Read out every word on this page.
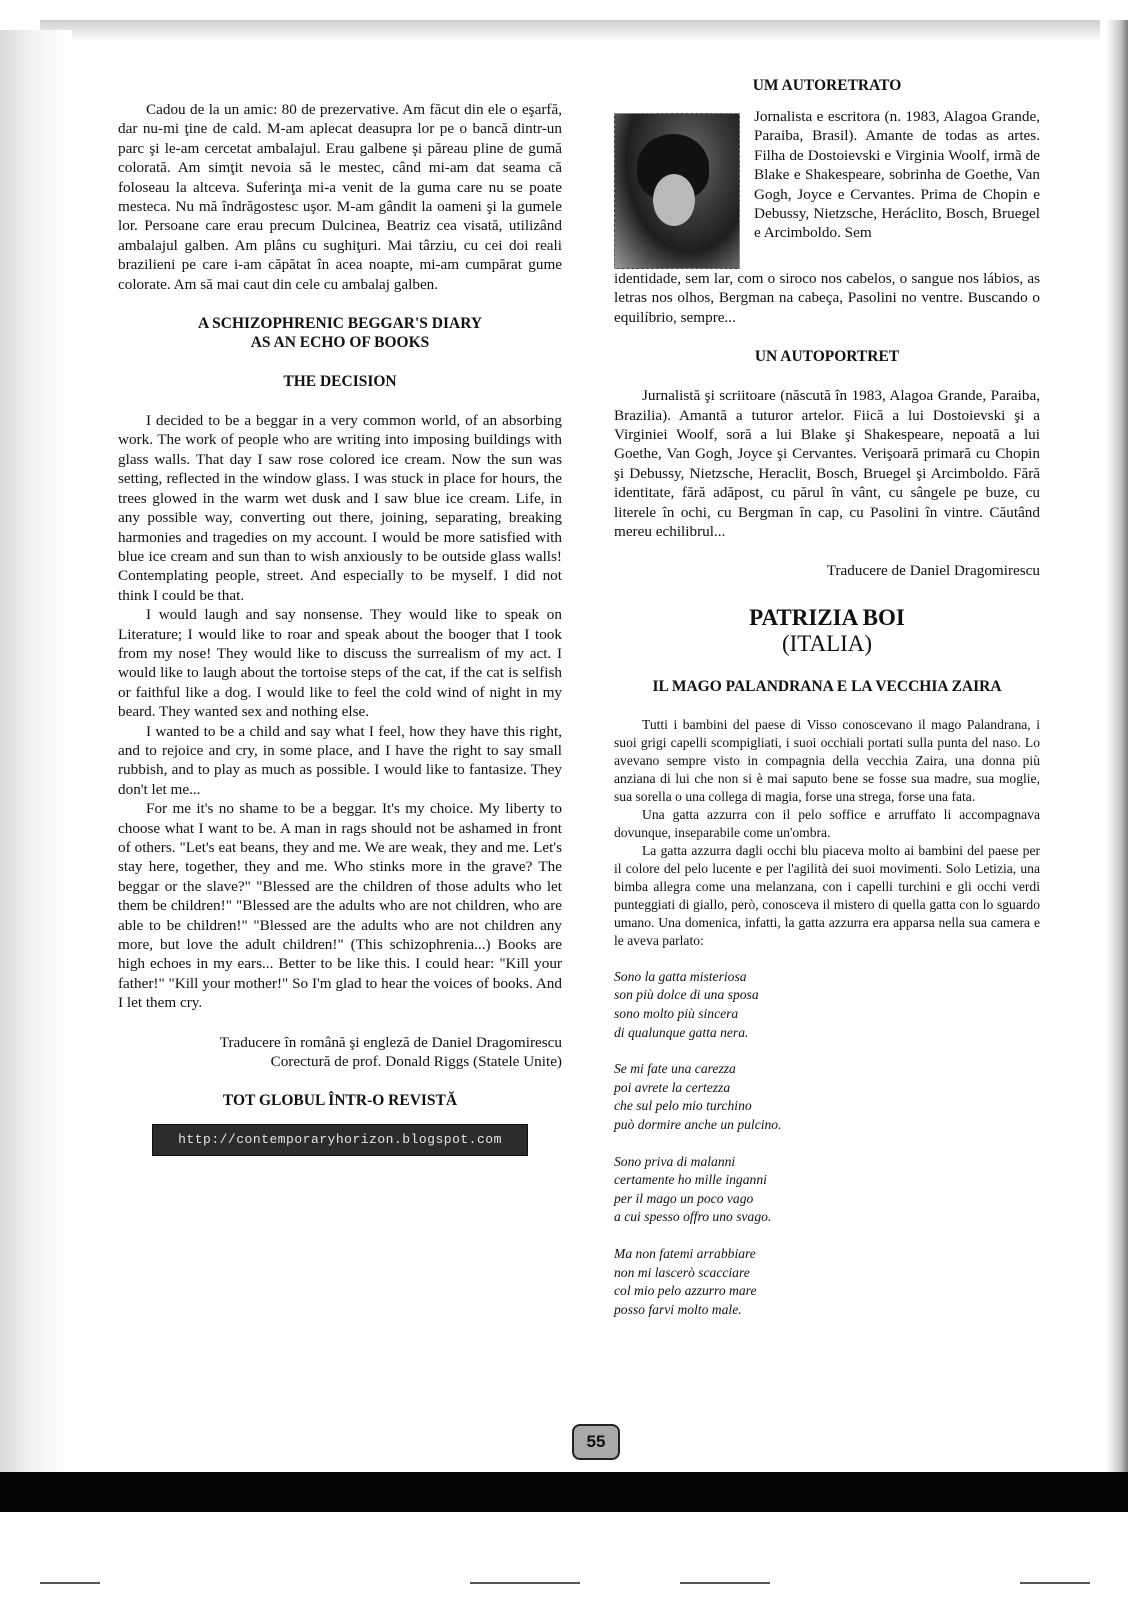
Cadou de la un amic: 80 de prezervative. Am făcut din ele o eşarfă, dar nu-mi ţine de cald. M-am aplecat deasupra lor pe o bancă dintr-un parc şi le-am cercetat ambalajul. Erau galbene şi păreau pline de gumă colorată. Am simţit nevoia să le mestec, când mi-am dat seama că foloseau la altceva. Suferinţa mi-a venit de la guma care nu se poate mesteca. Nu mă îndrăgostesc uşor. M-am gândit la oameni şi la gumele lor. Persoane care erau precum Dulcinea, Beatriz cea visată, utilizând ambalajul galben. Am plâns cu sughiţuri. Mai târziu, cu cei doi reali brazilieni pe care i-am căpătat în acea noapte, mi-am cumpărat gume colorate. Am să mai caut din cele cu ambalaj galben.

A SCHIZOPHRENIC BEGGAR'S DIARY
AS AN ECHO OF BOOKS
THE DECISION

I decided to be a beggar in a very common world, of an absorbing work. The work of people who are writing into imposing buildings with glass walls. That day I saw rose colored ice cream. Now the sun was setting, reflected in the window glass. I was stuck in place for hours, the trees glowed in the warm wet dusk and I saw blue ice cream. Life, in any possible way, converting out there, joining, separating, breaking harmonies and tragedies on my account. I would be more satisfied with blue ice cream and sun than to wish anxiously to be outside glass walls! Contemplating people, street. And especially to be myself. I did not think I could be that.

I would laugh and say nonsense. They would like to speak on Literature; I would like to roar and speak about the booger that I took from my nose! They would like to discuss the surrealism of my act. I would like to laugh about the tortoise steps of the cat, if the cat is selfish or faithful like a dog. I would like to feel the cold wind of night in my beard. They wanted sex and nothing else.

I wanted to be a child and say what I feel, how they have this right, and to rejoice and cry, in some place, and I have the right to say small rubbish, and to play as much as possible. I would like to fantasize. They don't let me...

For me it's no shame to be a beggar. It's my choice. My liberty to choose what I want to be. A man in rags should not be ashamed in front of others. "Let's eat beans, they and me. We are weak, they and me. Let's stay here, together, they and me. Who stinks more in the grave? The beggar or the slave?" "Blessed are the children of those adults who let them be children!" "Blessed are the adults who are not children, who are able to be children!" "Blessed are the adults who are not children any more, but love the adult children!" (This schizophrenia...) Books are high echoes in my ears... Better to be like this. I could hear: "Kill your father!" "Kill your mother!" So I'm glad to hear the voices of books. And I let them cry.

Traducere în română şi engleză de Daniel Dragomirescu
Corectură de prof. Donald Riggs (Statele Unite)
TOT GLOBUL ÎNTR-O REVISTĂ
http://contemporaryhorizon.blogspot.com
UM AUTORETRATO

Jornalista e escritora (n. 1983, Alagoa Grande, Paraiba, Brasil). Amante de todas as artes. Filha de Dostoievski e Virginia Woolf, irmã de Blake e Shakespeare, sobrinha de Goethe, Van Gogh, Joyce e Cervantes. Prima de Chopin e Debussy, Nietzsche, Heráclito, Bosch, Bruegel e Arcimboldo. Sem

identidade, sem lar, com o siroco nos cabelos, o sangue nos lábios, as letras nos olhos, Bergman na cabeça, Pasolini no ventre. Buscando o equilíbrio, sempre...

UN AUTOPORTRET

Jurnalistă şi scriitoare (născută în 1983, Alagoa Grande, Paraiba, Brazilia). Amantă a tuturor artelor. Fiică a lui Dostoievski şi a Virginiei Woolf, soră a lui Blake şi Shakespeare, nepoată a lui Goethe, Van Gogh, Joyce şi Cervantes. Verişoară primară cu Chopin şi Debussy, Nietzsche, Heraclit, Bosch, Bruegel şi Arcimboldo. Fără identitate, fără adăpost, cu părul în vânt, cu sângele pe buze, cu literele în ochi, cu Bergman în cap, cu Pasolini în vintre. Căutând mereu echilibrul...

Traducere de Daniel Dragomirescu
PATRIZIA BOI
(ITALIA)
IL MAGO PALANDRANA E LA VECCHIA ZAIRA

Tutti i bambini del paese di Visso conoscevano il mago Palandrana, i suoi grigi capelli scompigliati, i suoi occhiali portati sulla punta del naso. Lo avevano sempre visto in compagnia della vecchia Zaira, una donna più anziana di lui che non si è mai saputo bene se fosse sua madre, sua moglie, sua sorella o una collega di magia, forse una strega, forse una fata.

Una gatta azzurra con il pelo soffice e arruffato li accompagnava dovunque, inseparabile come un'ombra.

La gatta azzurra dagli occhi blu piaceva molto ai bambini del paese per il colore del pelo lucente e per l'agilità dei suoi movimenti. Solo Letizia, una bimba allegra come una melanzana, con i capelli turchini e gli occhi verdi punteggiati di giallo, però, conosceva il mistero di quella gatta con lo sguardo umano. Una domenica, infatti, la gatta azzurra era apparsa nella sua camera e le aveva parlato:

Sono la gatta misteriosa
son più dolce di una sposa
sono molto più sincera
di qualunque gatta nera.
Se mi fate una carezza
poi avrete la certezza
che sul pelo mio turchino
può dormire anche un pulcino.
Sono priva di malanni
certamente ho mille inganni
per il mago un poco vago
a cui spesso offro uno svago.
Ma non fatemi arrabbiare
non mi lascerò scacciare
col mio pelo azzurro mare
posso farvi molto male.
55
